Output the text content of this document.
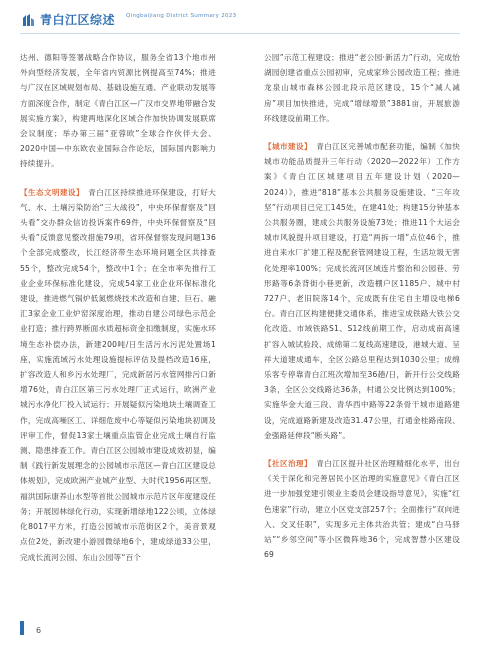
青白江区综述 Qingbaijiang District Summary 2023

达州、德阳等签署战略合作协议，服务全省13个地市州外向型经济发展，全年省内贸源比例提高至74%；推进与广汉在区域规划布局、基础设施互通、产业联动发展等方面深度合作，制定《青白江区—广汉市交界地带融合发展实施方案》，构建两地深化区域合作加快协调发展联席会议制度；举办第三届“亚蓉欧”全球合作伙伴大会、2020中国—中东欧农业国际合作论坛，国际国内影响力持续提升。

【生态文明建设】　 青白江区持续推进环保建设，打好大气、水、土壤污染防治“三大战役”，中央环保督察及“回头看”交办群众信访投诉案件69件，中央环保督察及“回头看”反馈意见整改措施79项，省环保督察发现问题136个全部完成整改，长江经济带生态环境问题全区共排查55个，整改完成54个，整改中1个；在全市率先推行工业企业环保标准化建设，完成54家工业企业环保标准化建设，推进燃气锅炉低氮燃烧技术改造和自建、巨石、融汇3家企业工业炉窑深度治理，推动自建公司绿色示范企业打造；推行跨界断面水质超标资金扣缴制度，实施水环境生态补偿办法，新建200吨/日生活污水污泥处置场1座，实施流域污水处理设施提标评估及提档改造16座，扩容改造人和乡污水处理厂，完成新居污水管网排污口新增76处，青白江区第三污水处理厂正式运行，欧洲产业城污水净化厂投入试运行；开展疑似污染地块土壤调查工作，完成高噪区工、详细危废中心等疑似污染地块初调及评审工作，督促13家土壤重点监管企业完成土壤自行监测、隐患排查工作。青白江区公园城市建设成效初显，编制《践行新发展理念的公园城市示范区—青白江区建设总体规划》，完成欧洲产业城产业型、大时代1956再区型、福洪国际康养山水型等首批公园城市示范片区年度建设任务；开展园林绿化行动，实现新增绿地122公顷，立体绿化8017平方米，打造公园城市示范街区2个，美音景观点位2处，新改建小游园微绿地6个，建成绿道33公里，完成长流河公园、东山公园等“百个

公园”示范工程建设；推进“老公园·新活力”行动，完成怡湖园创建省重点公园初审，完成家珍公园改造工程；推进龙泉山城市森林公园北段示范区建设，15个“减人减房”项目加快推进，完成“增绿增景”3881亩，开展旅游环线建设前期工作。

【城市建设】　 青白江区完善城市配套功能，编制《加快城市功能品质提升三年行动（2020—2022年）工作方案》《青白江区城建项目五年建设计划（2020—2024）》，推进“818”基本公共服务设施建设、“三年攻坚”行动项目已完工145处，在建41处；构建15分钟基本公共服务圈，建成公共服务设施73处；推进11个大运会城市风貌提升项目建设，打造“两拆一增”点位46个，推进自来水厂扩建工程及配套管网建设工程，生活垃圾无害化处理率100%；完成长流河区域连片整治和公园巷、劳形路等6条背街小巷更新，改造棚户区1185户、城中村727户、老旧院落14个，完成既有住宅自主增设电梯6台。青白江区构建便捷交通体系，推进宝成铁路大铁公交化改造、市域铁路S1、S12线前期工作，启动成南高速扩容入城试验段、成绵第二复线高速建设，港城大道、呈祥大道建成通车，全区公路总里程达到1030公里；成绵乐客专停靠青白江班次增加至36趟/日，新开行公交线路3条，全区公交线路达36条，村通公交比例达到100%；实施华金大道三段、青华西中路等22条骨干城市道路建设，完成道路新建及改造31.47公里，打通金桂路南段、金强路延伸段“断头路”。

【社区治理】　 青白江区提升社区治理精细化水平，出台《关于深化和完善居民小区治理的实施意见》《青白江区进一步加强党建引领业主委员会建设指导意见》，实施“红色速家”行动，建立小区党支部257个；全面推行“双向进入、交叉任职”，实现多元主体共治共管；建成“白马驿站”“乡邻空间”等小区微阵地36个，完成智慧小区建设69

6
